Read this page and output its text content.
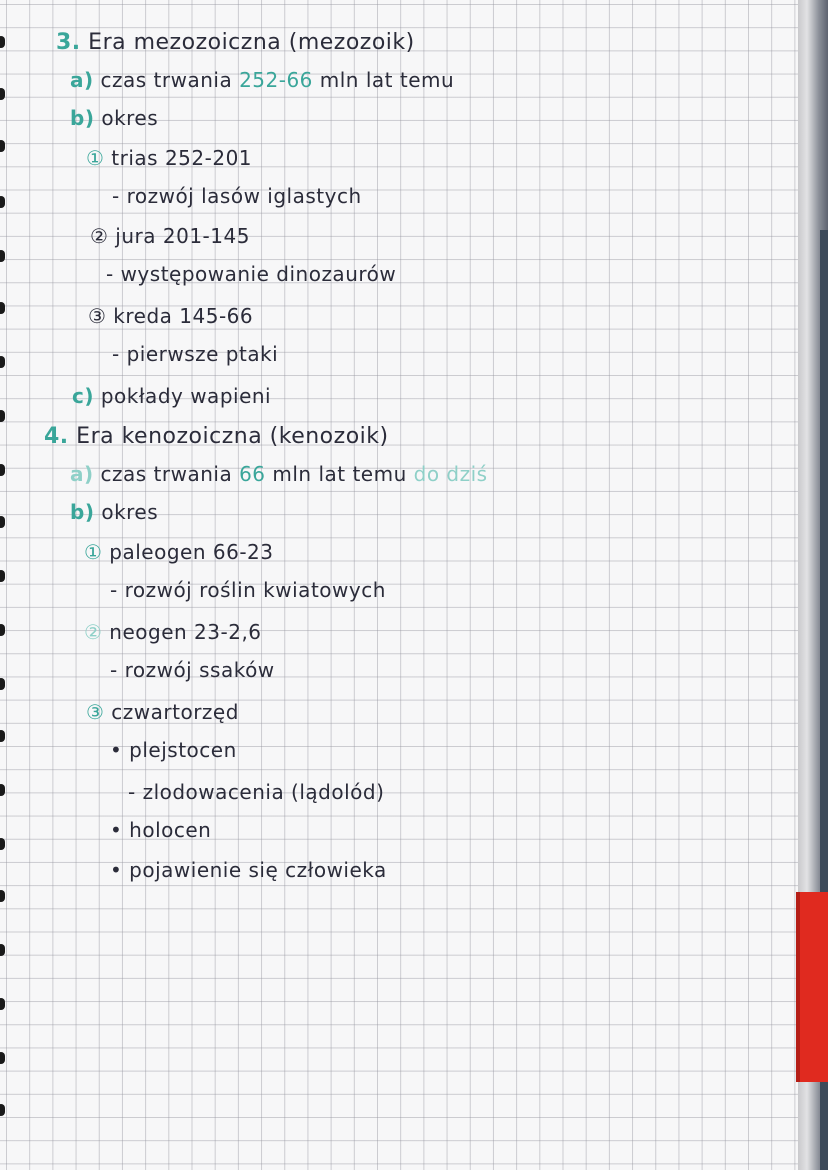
3. Era mezozoiczna (mezozoik)
a) czas trwania 252-66 mln lat temu
b) okres
① trias 252-201
- rozwój lasów iglastych
② jura 201-145
- występowanie dinozaurów
③ kreda 145-66
- pierwsze ptaki
c) pokłady wapieni
4. Era kenozoiczna (kenozoik)
a) czas trwania 66 mln lat temu do dziś
b) okres
① paleogen 66-23
- rozwój roślin kwiatowych
② neogen 23-2,6
- rozwój ssaków
③ czwartorzęd
• plejstocen
- zlodowacenia (lądolód)
• holocen
• pojawienie się człowieka
